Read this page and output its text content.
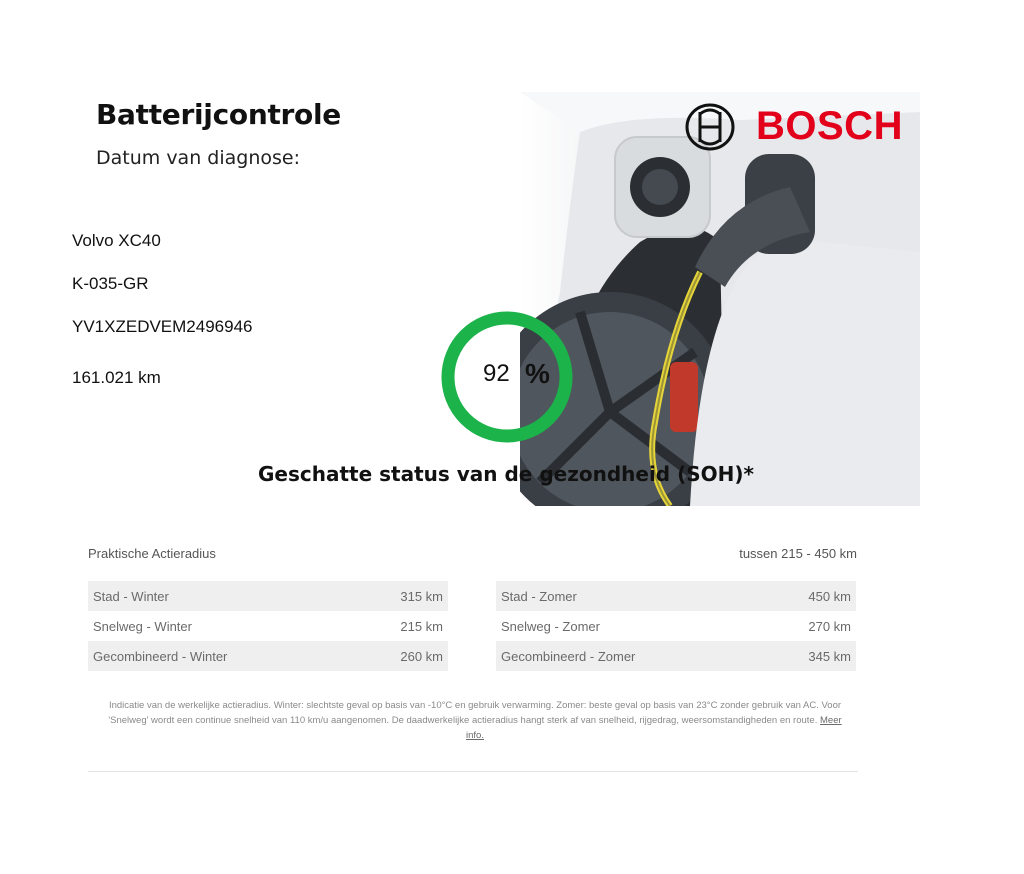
Batterijcontrole
Datum van diagnose:
BOSCH
Volvo XC40
K-035-GR
YV1XZEDVEM2496946
161.021 km	92 %
Geschatte status van de gezondheid (SOH)*
Praktische Actieradius	tussen 215 - 450 km
Stad - Winter	315 km
Snelweg - Winter	215 km
Gecombineerd - Winter	260 km
Stad - Zomer	450 km
Snelweg - Zomer	270 km
Gecombineerd - Zomer	345 km
Indicatie van de werkelijke actieradius. Winter: slechtste geval op basis van -10°C en gebruik verwarming. Zomer: beste geval op basis van 23°C zonder gebruik van AC. Voor 'Snelweg' wordt een continue snelheid van 110 km/u aangenomen. De daadwerkelijke actieradius hangt sterk af van snelheid, rijgedrag, weersomstandigheden en route. Meer info.
